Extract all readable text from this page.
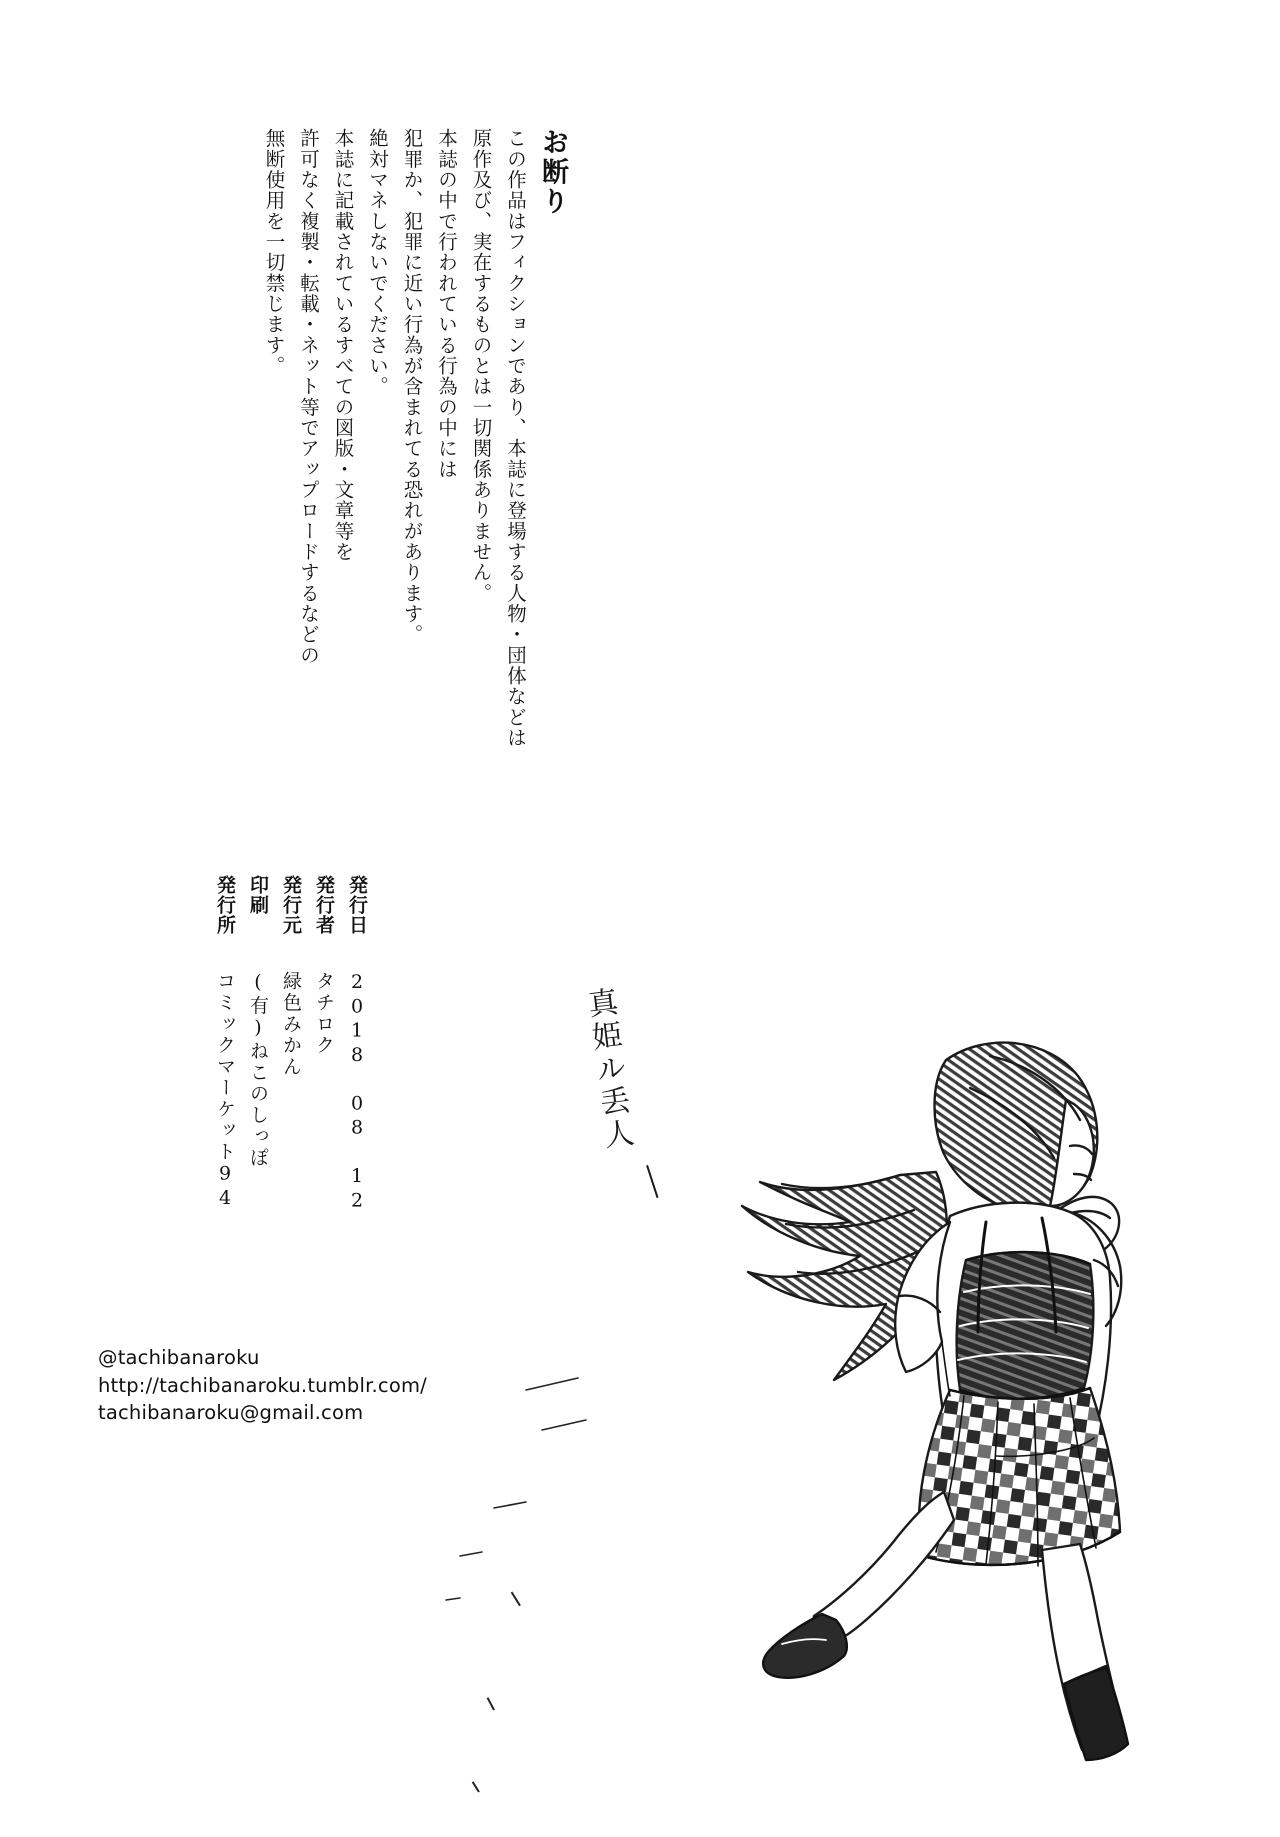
お断り
この作品はフィクションであり、本誌に登場する人物・団体などは
原作及び、実在するものとは一切関係ありません。
本誌の中で行われている行為の中には
犯罪か、犯罪に近い行為が含まれてる恐れがあります。
絶対マネしないでください。
本誌に記載されているすべての図版・文章等を
許可なく複製・転載・ネット等でアップロードするなどの
無断使用を一切禁じます。
発行日
2018 08 12
発行者
タチロク
発行元
緑色みかん
印刷
(有)ねこのしっぽ
発行所
コミックマーケット94
@tachibanaroku
http://tachibanaroku.tumblr.com/
tachibanaroku@gmail.com
真姫ル丢人
